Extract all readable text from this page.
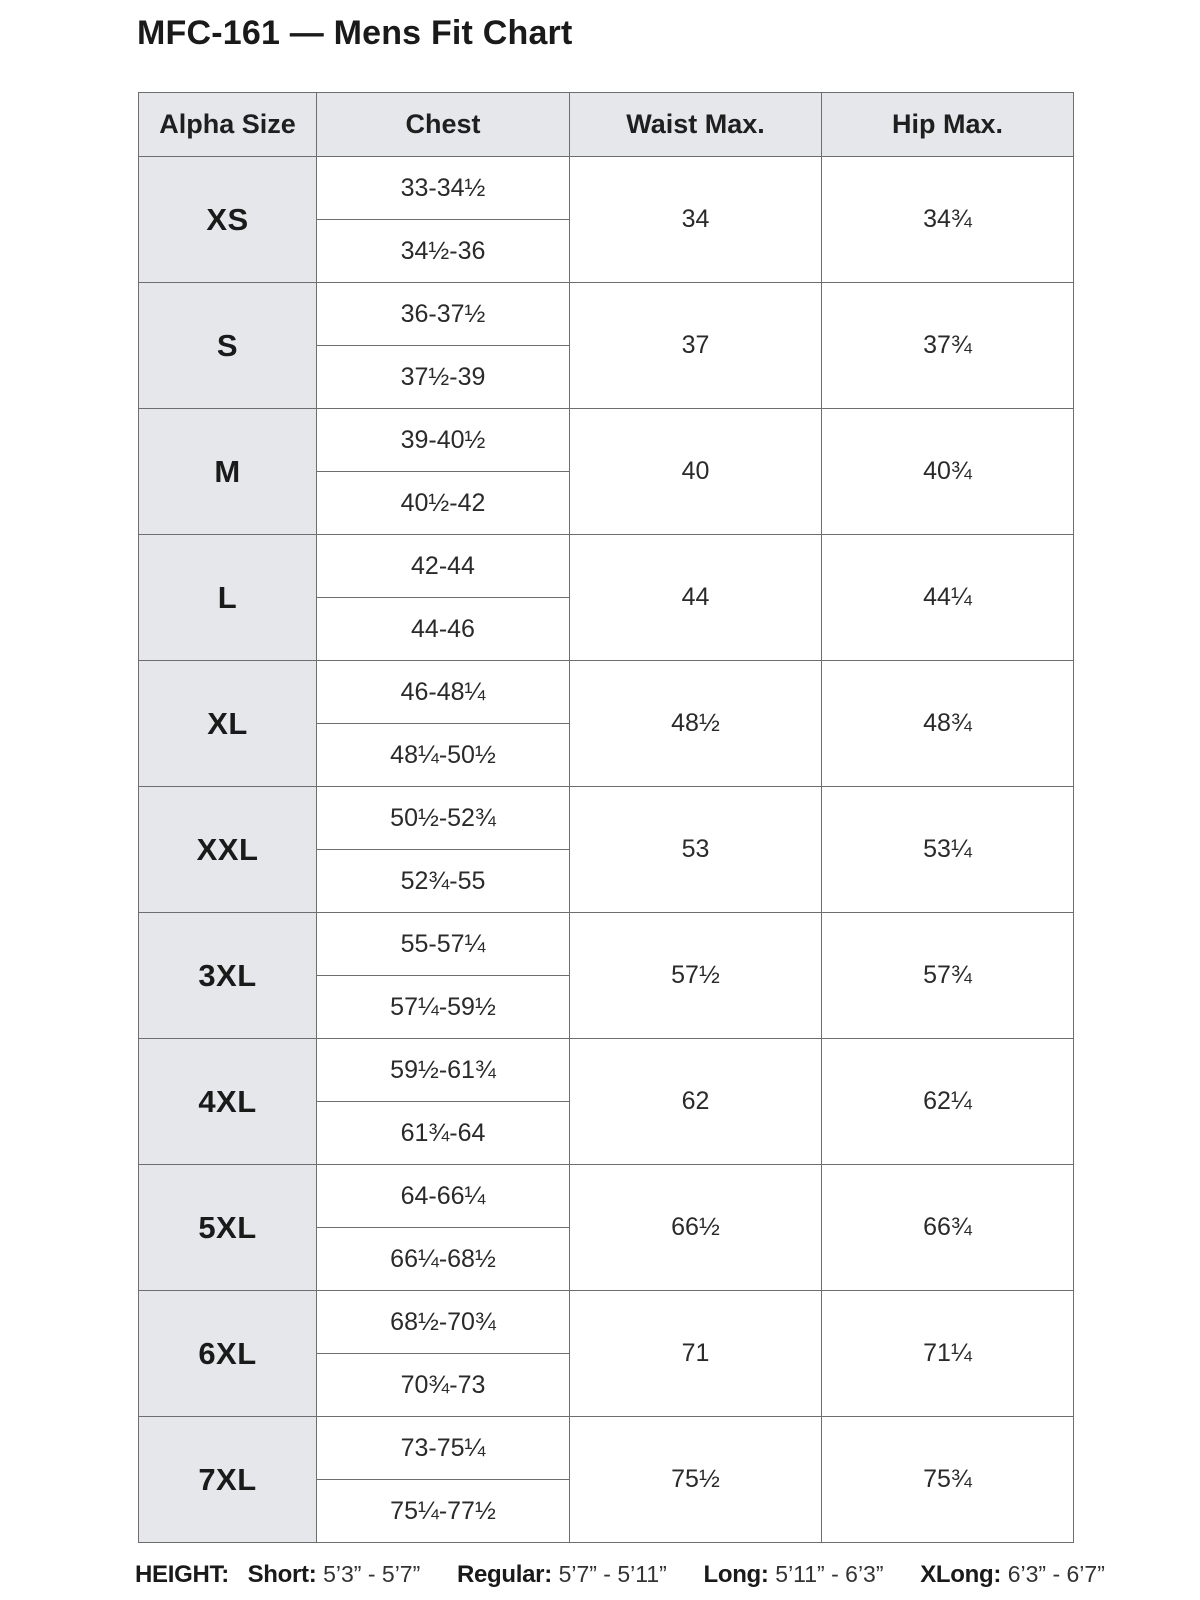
MFC-161 — Mens Fit Chart
Alpha Size	Chest	Waist Max.	Hip Max.
XS	33-34½	34	34¾
	34½-36		
S	36-37½	37	37¾
	37½-39		
M	39-40½	40	40¾
	40½-42		
L	42-44	44	44¼
	44-46		
XL	46-48¼	48½	48¾
	48¼-50½		
XXL	50½-52¾	53	53¼
	52¾-55		
3XL	55-57¼	57½	57¾
	57¼-59½		
4XL	59½-61¾	62	62¼
	61¾-64		
5XL	64-66¼	66½	66¾
	66¼-68½		
6XL	68½-70¾	71	71¼
	70¾-73		
7XL	73-75¼	75½	75¾
	75¼-77½		
HEIGHT: Short: 5’3” - 5’7” Regular: 5’7” - 5’11” Long: 5’11” - 6’3” XLong: 6’3” - 6’7”
